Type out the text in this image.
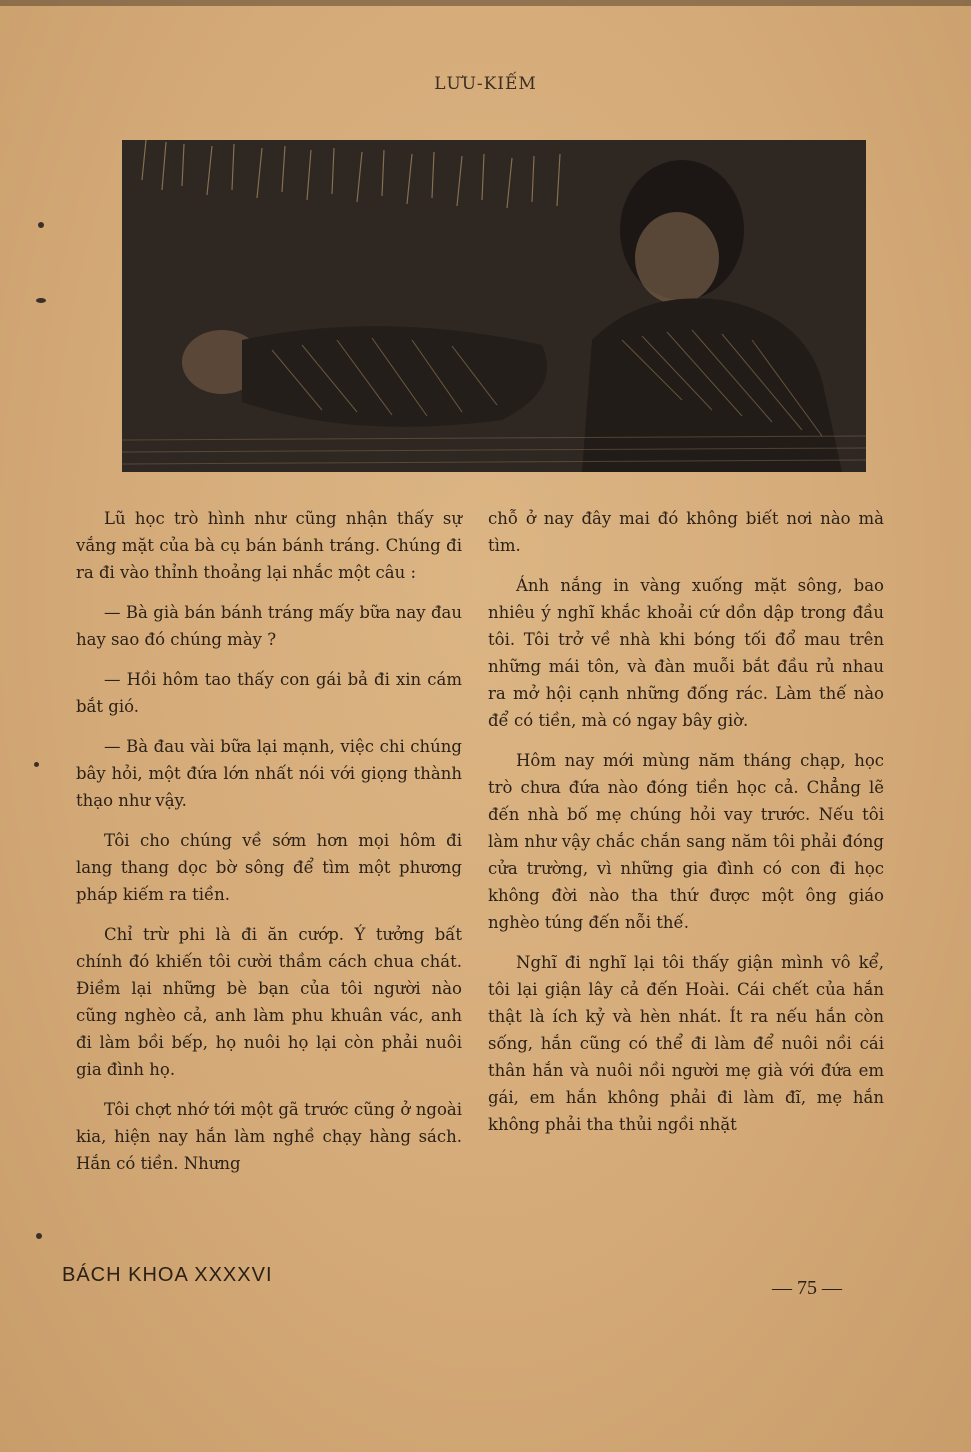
LƯU-KIẾM

Lũ học trò hình như cũng nhận thấy sự vắng mặt của bà cụ bán bánh tráng. Chúng đi ra đi vào thỉnh thoảng lại nhắc một câu :

— Bà già bán bánh tráng mấy bữa nay đau hay sao đó chúng mày ?

— Hồi hôm tao thấy con gái bả đi xin cám bắt gió.

— Bà đau vài bữa lại mạnh, việc chi chúng bây hỏi, một đứa lớn nhất nói với giọng thành thạo như vậy.

Tôi cho chúng về sớm hơn mọi hôm đi lang thang dọc bờ sông để tìm một phương pháp kiếm ra tiền.

Chỉ trừ phi là đi ăn cướp. Ý tưởng bất chính đó khiến tôi cười thầm cách chua chát. Điềm lại những bè bạn của tôi người nào cũng nghèo cả, anh làm phu khuân vác, anh đi làm bồi bếp, họ nuôi họ lại còn phải nuôi gia đình họ.

Tôi chợt nhớ tới một gã trước cũng ở ngoài kia, hiện nay hắn làm nghề chạy hàng sách. Hắn có tiền. Nhưng

chỗ ở nay đây mai đó không biết nơi nào mà tìm.

Ánh nắng in vàng xuống mặt sông, bao nhiêu ý nghĩ khắc khoải cứ dồn dập trong đầu tôi. Tôi trở về nhà khi bóng tối đổ mau trên những mái tôn, và đàn muỗi bắt đầu rủ nhau ra mở hội cạnh những đống rác. Làm thế nào để có tiền, mà có ngay bây giờ.

Hôm nay mới mùng năm tháng chạp, học trò chưa đứa nào đóng tiền học cả. Chẳng lẽ đến nhà bố mẹ chúng hỏi vay trước. Nếu tôi làm như vậy chắc chắn sang năm tôi phải đóng cửa trường, vì những gia đình có con đi học không đời nào tha thứ được một ông giáo nghèo túng đến nỗi thế.

Nghĩ đi nghĩ lại tôi thấy giận mình vô kể, tôi lại giận lây cả đến Hoài. Cái chết của hắn thật là ích kỷ và hèn nhát. Ít ra nếu hắn còn sống, hắn cũng có thể đi làm để nuôi nồi cái thân hắn và nuôi nồi người mẹ già với đứa em gái, em hắn không phải đi làm đĩ, mẹ hắn không phải tha thủi ngồi nhặt

BÁCH KHOA XXXXVI
— 75 —
